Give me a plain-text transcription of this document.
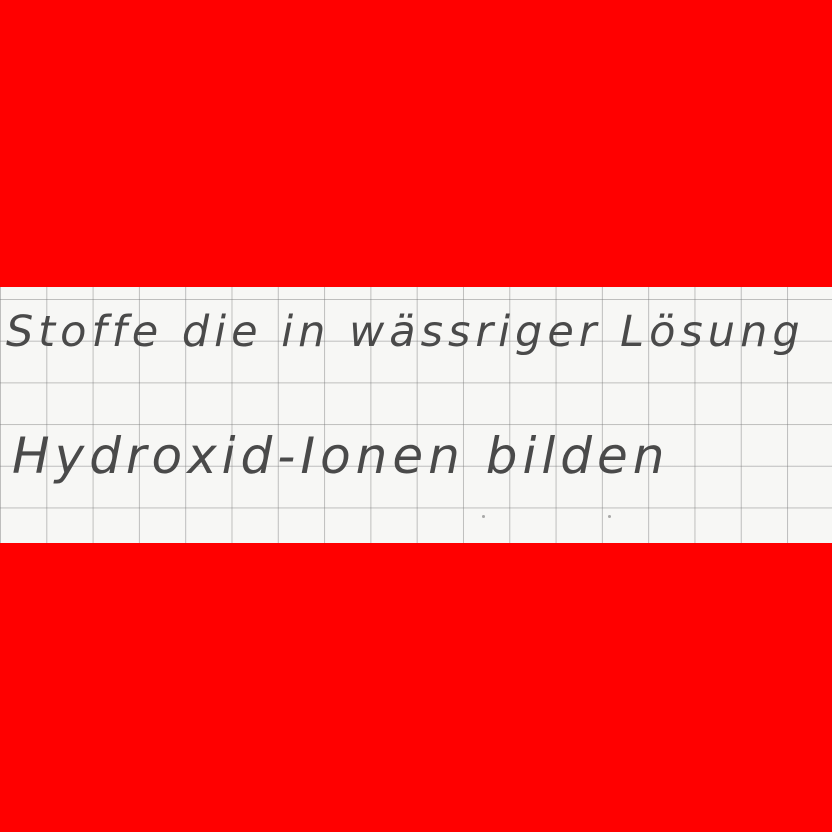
Stoffe die in wässriger Lösung
Hydroxid-Ionen bilden
